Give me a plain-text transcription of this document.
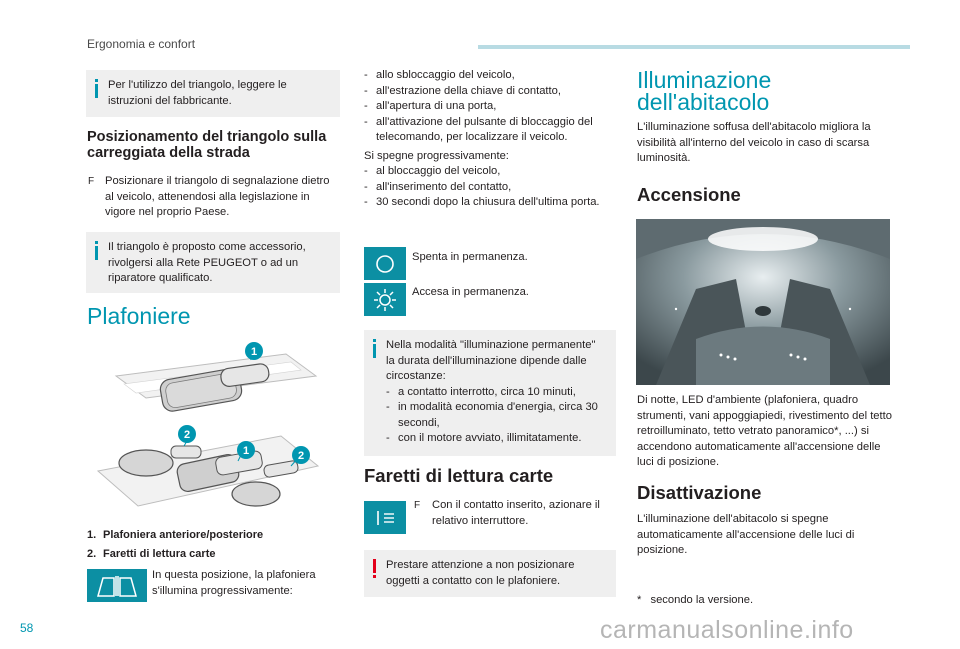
Ergonomia e confort
Per l'utilizzo del triangolo, leggere le istruzioni del fabbricante.
Posizionamento del triangolo sulla carreggiata della strada
F Posizionare il triangolo di segnalazione dietro al veicolo, attenendosi alla legislazione in vigore nel proprio Paese.
Il triangolo è proposto come accessorio, rivolgersi alla Rete PEUGEOT o ad un riparatore qualificato.
Plafoniere
1
2
1	2
1. Plafoniera anteriore/posteriore
2. Faretti di lettura carte
In questa posizione, la plafoniera s'illumina progressivamente:
- allo sbloccaggio del veicolo,
- all'estrazione della chiave di contatto,
- all'apertura di una porta,
- all'attivazione del pulsante di bloccaggio del telecomando, per localizzare il veicolo.
Si spegne progressivamente:
- al bloccaggio del veicolo,
- all'inserimento del contatto,
- 30 secondi dopo la chiusura dell'ultima porta.
Spenta in permanenza.
Accesa in permanenza.
Nella modalità "illuminazione permanente" la durata dell'illuminazione dipende dalle circostanze:
- a contatto interrotto, circa 10 minuti,
- in modalità economia d'energia, circa 30 secondi,
- con il motore avviato, illimitatamente.
Faretti di lettura carte
F Con il contatto inserito, azionare il relativo interruttore.
Prestare attenzione a non posizionare oggetti a contatto con le plafoniere.
Illuminazione dell'abitacolo
L'illuminazione soffusa dell'abitacolo migliora la visibilità all'interno del veicolo in caso di scarsa luminosità.
Accensione
Di notte, LED d'ambiente (plafoniera, quadro strumenti, vani appoggiapiedi, rivestimento del tetto retroilluminato, tetto vetrato panoramico*, ...) si accendono automaticamente all'accensione delle luci di posizione.
Disattivazione
L'illuminazione dell'abitacolo si spegne automaticamente all'accensione delle luci di posizione.
* secondo la versione.
58	carmanualsonline.info
